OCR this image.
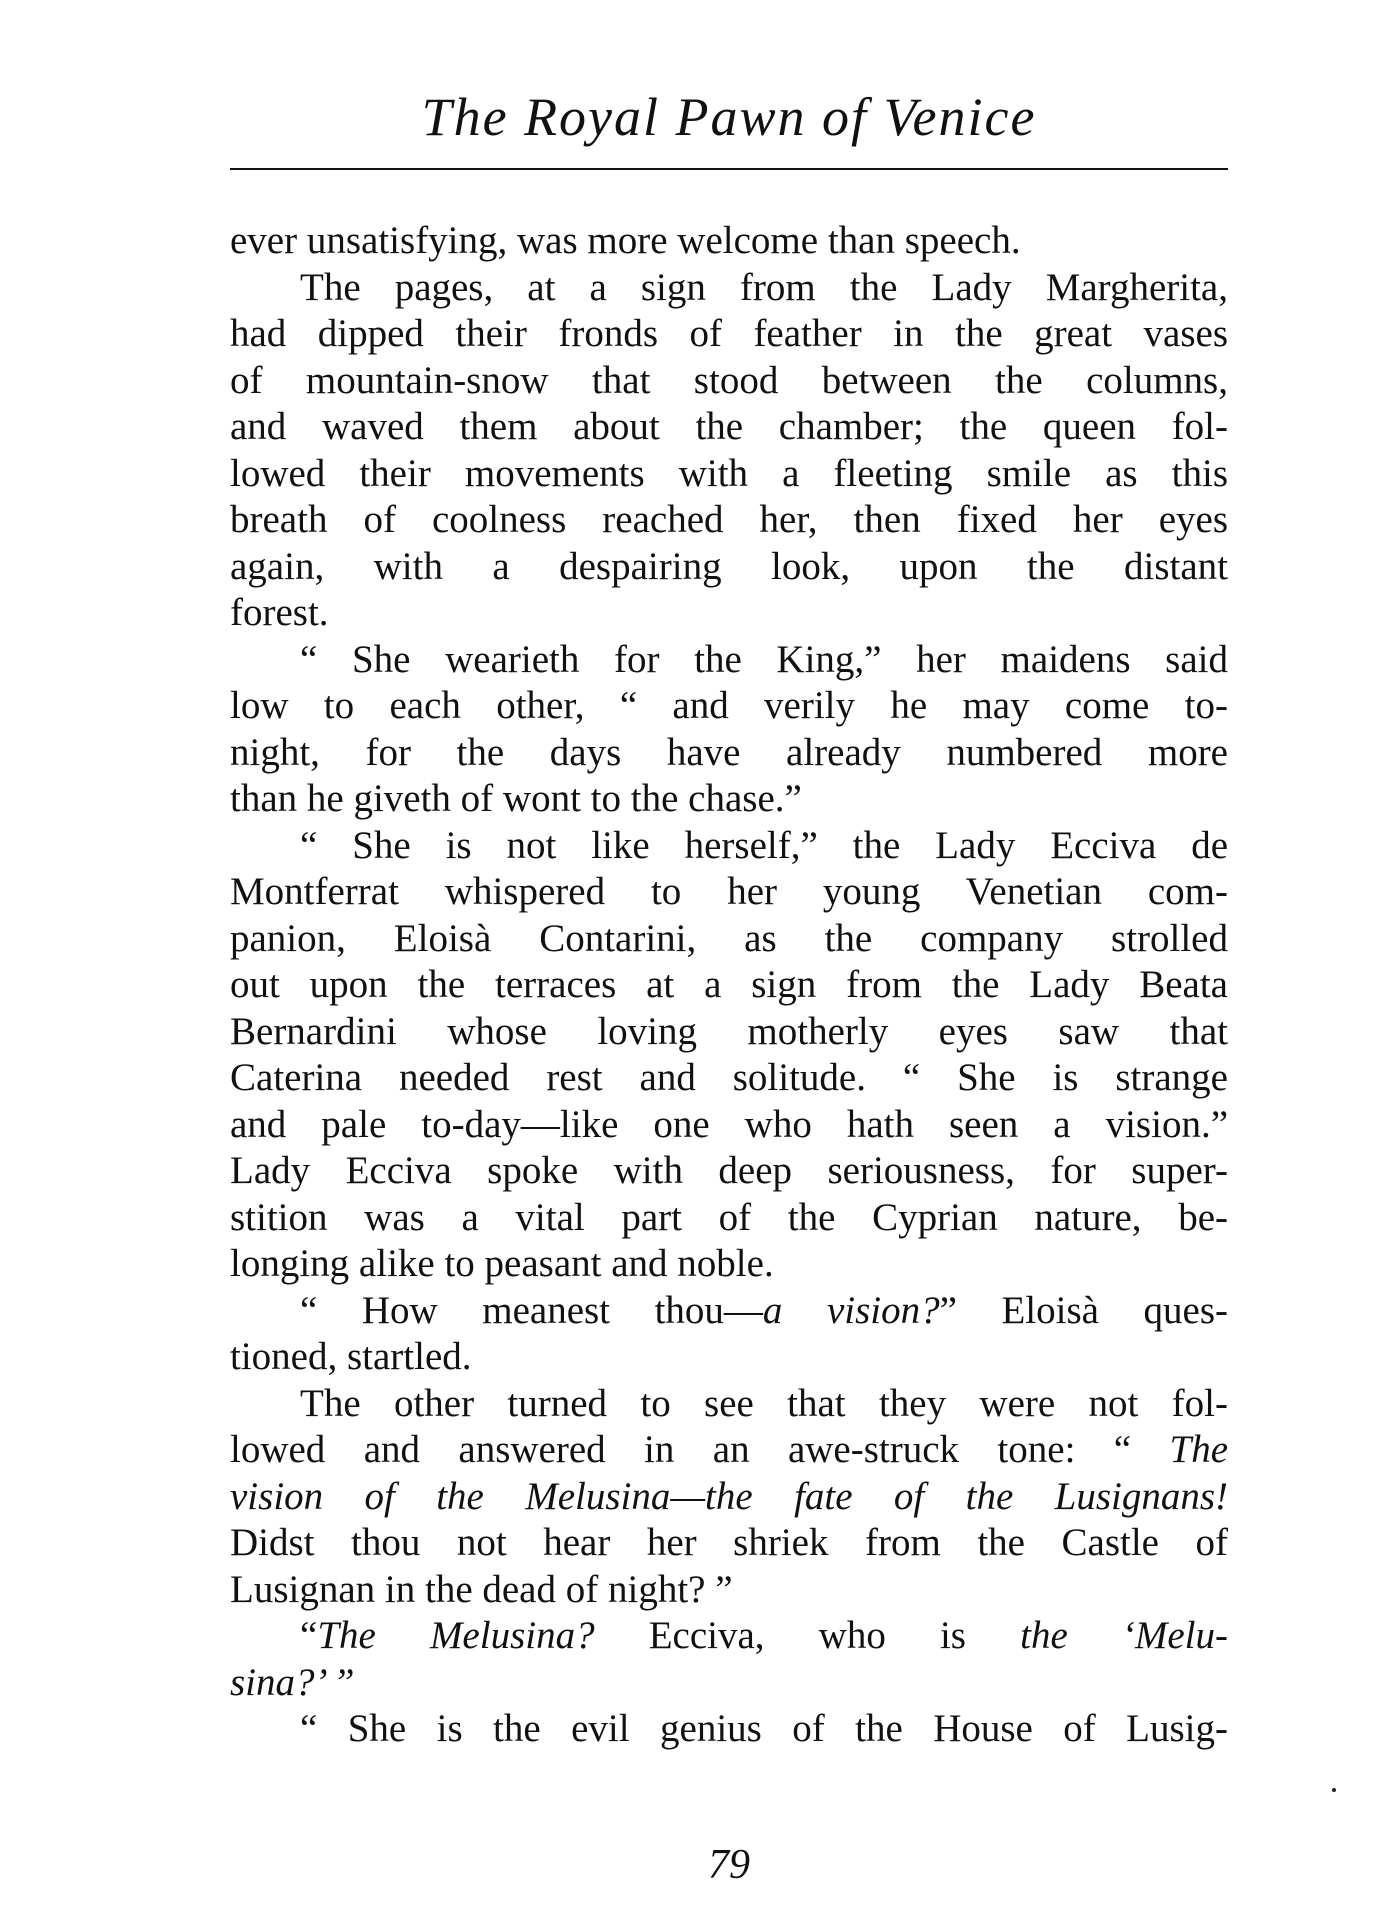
The Royal Pawn of Venice
ever unsatisfying, was more welcome than speech.
The pages, at a sign from the Lady Margherita,
had dipped their fronds of feather in the great vases
of mountain-snow that stood between the columns,
and waved them about the chamber; the queen fol-
lowed their movements with a fleeting smile as this
breath of coolness reached her, then fixed her eyes
again, with a despairing look, upon the distant
forest.
“ She wearieth for the King,” her maidens said
low to each other, “ and verily he may come to-
night, for the days have already numbered more
than he giveth of wont to the chase.”
“ She is not like herself,” the Lady Ecciva de
Montferrat whispered to her young Venetian com-
panion, Eloisà Contarini, as the company strolled
out upon the terraces at a sign from the Lady Beata
Bernardini whose loving motherly eyes saw that
Caterina needed rest and solitude. “ She is strange
and pale to-day—like one who hath seen a vision.”
Lady Ecciva spoke with deep seriousness, for super-
stition was a vital part of the Cyprian nature, be-
longing alike to peasant and noble.
“ How meanest thou—a vision?” Eloisà ques-
tioned, startled.
The other turned to see that they were not fol-
lowed and answered in an awe-struck tone: “ The
vision of the Melusina—the fate of the Lusignans!
Didst thou not hear her shriek from the Castle of
Lusignan in the dead of night? ”
“The Melusina? Ecciva, who is the ‘Melu-
sina?’ ”
“ She is the evil genius of the House of Lusig-
79
